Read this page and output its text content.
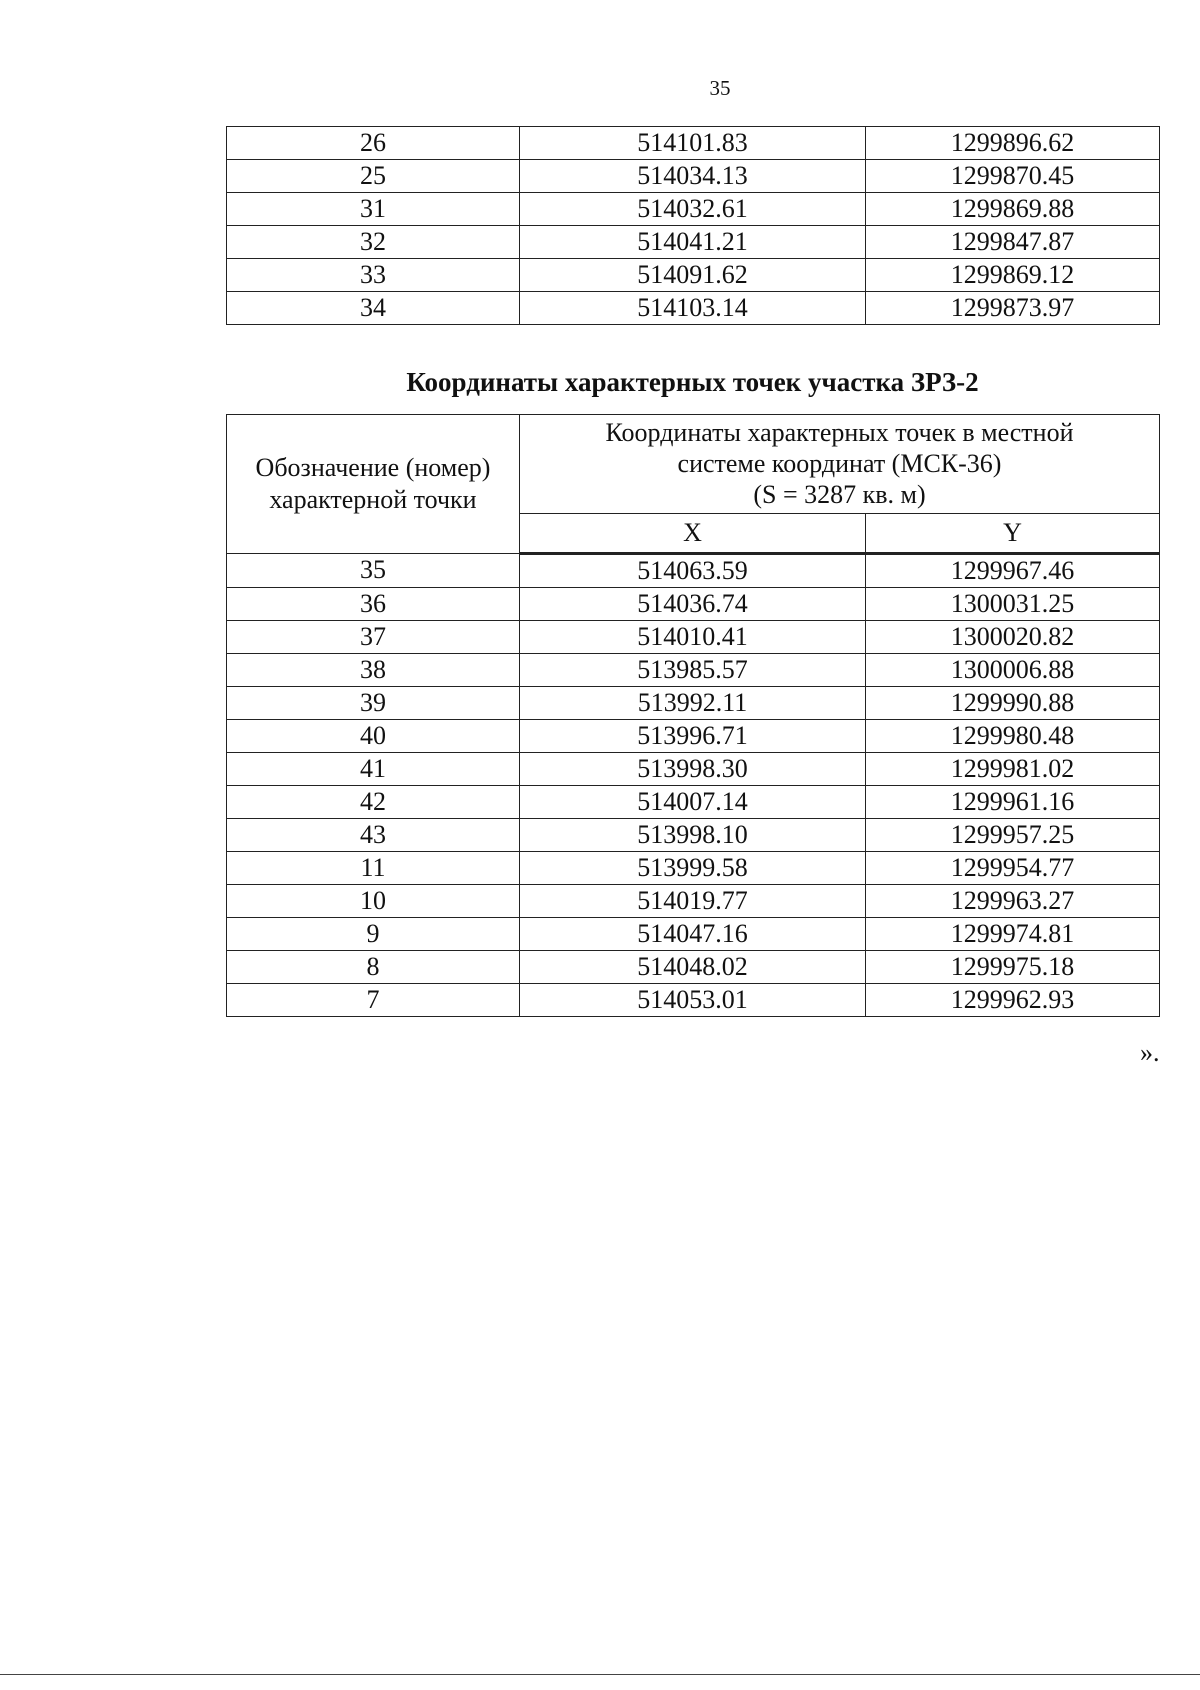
35
26	514101.83	1299896.62
25	514034.13	1299870.45
31	514032.61	1299869.88
32	514041.21	1299847.87
33	514091.62	1299869.12
34	514103.14	1299873.97
Координаты характерных точек участка ЗРЗ-2
Обозначение (номер) характерной точки	Координаты характерных точек в местной
системе координат (МСК-36)
(S = 3287 кв. м)	

	X	Y
35	514063.59	1299967.46
36	514036.74	1300031.25
37	514010.41	1300020.82
38	513985.57	1300006.88
39	513992.11	1299990.88
40	513996.71	1299980.48
41	513998.30	1299981.02
42	514007.14	1299961.16
43	513998.10	1299957.25
11	513999.58	1299954.77
10	514019.77	1299963.27
9	514047.16	1299974.81
8	514048.02	1299975.18
7	514053.01	1299962.93
».
